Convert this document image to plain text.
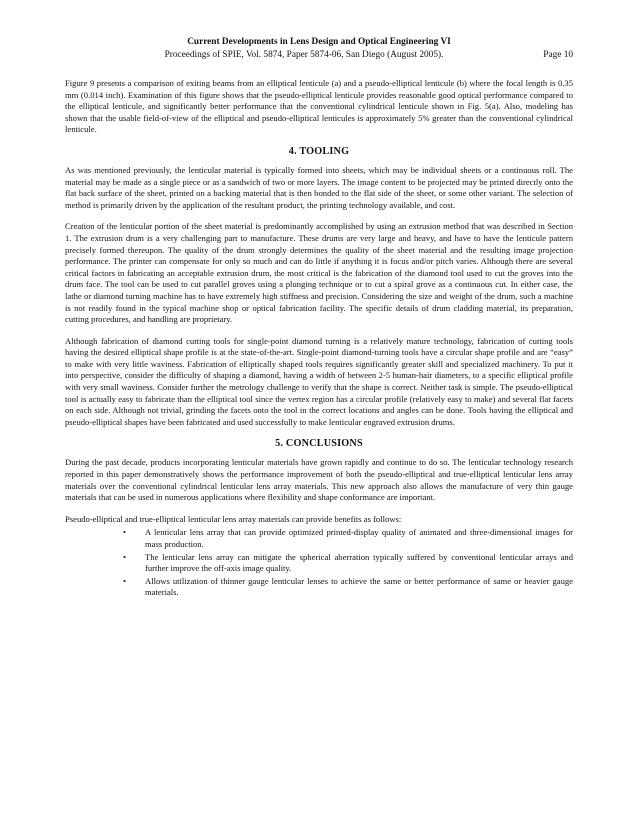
Current Developments in Lens Design and Optical Engineering VI
Proceedings of SPIE, Vol. 5874, Paper 5874-06, San Diego (August 2005).	Page 10

Figure 9 presents a comparison of exiting beams from an elliptical lenticule (a) and a pseudo-elliptical lenticule (b) where the focal length is 0.35 mm (0.014 inch). Examination of this figure shows that the pseudo-elliptical lenticule provides reasonable good optical performance compared to the elliptical lenticule, and significantly better performance that the conventional cylindrical lenticule shown in Fig. 5(a). Also, modeling has shown that the usable field-of-view of the elliptical and pseudo-elliptical lenticules is approximately 5% greater than the conventional cylindrical lenticule.

4. TOOLING

As was mentioned previously, the lenticular material is typically formed into sheets, which may be individual sheets or a continuous roll. The material may be made as a single piece or as a sandwich of two or more layers. The image content to be projected may be printed directly onto the flat back surface of the sheet, printed on a backing material that is then bonded to the flat side of the sheet, or some other variant. The selection of method is primarily driven by the application of the resultant product, the printing technology available, and cost.

Creation of the lenticular portion of the sheet material is predominantly accomplished by using an extrusion method that was described in Section 1. The extrusion drum is a very challenging part to manufacture. These drums are very large and heavy, and have to have the lenticule pattern precisely formed thereupon. The quality of the drum strongly determines the quality of the sheet material and the resulting image projection performance. The printer can compensate for only so much and can do little if anything it is focus and/or pitch varies. Although there are several critical factors in fabricating an acceptable extrusion drum, the most critical is the fabrication of the diamond tool used to cut the groves into the drum face. The tool can be used to cut parallel groves using a plunging technique or to cut a spiral grove as a continuous cut. In either case, the lathe or diamond turning machine has to have extremely high stiffness and precision. Considering the size and weight of the drum, such a machine is not readily found in the typical machine shop or optical fabrication facility. The specific details of drum cladding material, its preparation, cutting procedures, and handling are proprietary.

Although fabrication of diamond cutting tools for single-point diamond turning is a relatively mature technology, fabrication of cutting tools having the desired elliptical shape profile is at the state-of-the-art. Single-point diamond-turning tools have a circular shape profile and are “easy” to make with very little waviness. Fabrication of elliptically shaped tools requires significantly greater skill and specialized machinery. To put it into perspective, consider the difficulty of shaping a diamond, having a width of between 2-5 human-hair diameters, to a specific elliptical profile with very small waviness. Consider further the metrology challenge to verify that the shape is correct. Neither task is simple. The pseudo-elliptical tool is actually easy to fabricate than the elliptical tool since the vertex region has a circular profile (relatively easy to make) and several flat facets on each side. Although not trivial, grinding the facets onto the tool in the correct locations and angles can be done. Tools having the elliptical and pseudo-elliptical shapes have been fabricated and used successfully to make lenticular engraved extrusion drums.

5. CONCLUSIONS

During the past decade, products incorporating lenticular materials have grown rapidly and continue to do so. The lenticular technology research reported in this paper demonstratively shows the performance improvement of both the pseudo-elliptical and true-elliptical lenticular lens array materials over the conventional cylindrical lenticular lens array materials. This new approach also allows the manufacture of very thin gauge materials that can be used in numerous applications where flexibility and shape conformance are important.

Pseudo-elliptical and true-elliptical lenticular lens array materials can provide benefits as follows:

• A lenticular lens array that can provide optimized printed-display quality of animated and three-dimensional images for mass production.
• The lenticular lens array can mitigate the spherical aberration typically suffered by conventional lenticular arrays and further improve the off-axis image quality.
• Allows utilization of thinner gauge lenticular lenses to achieve the same or better performance of same or heavier gauge materials.
